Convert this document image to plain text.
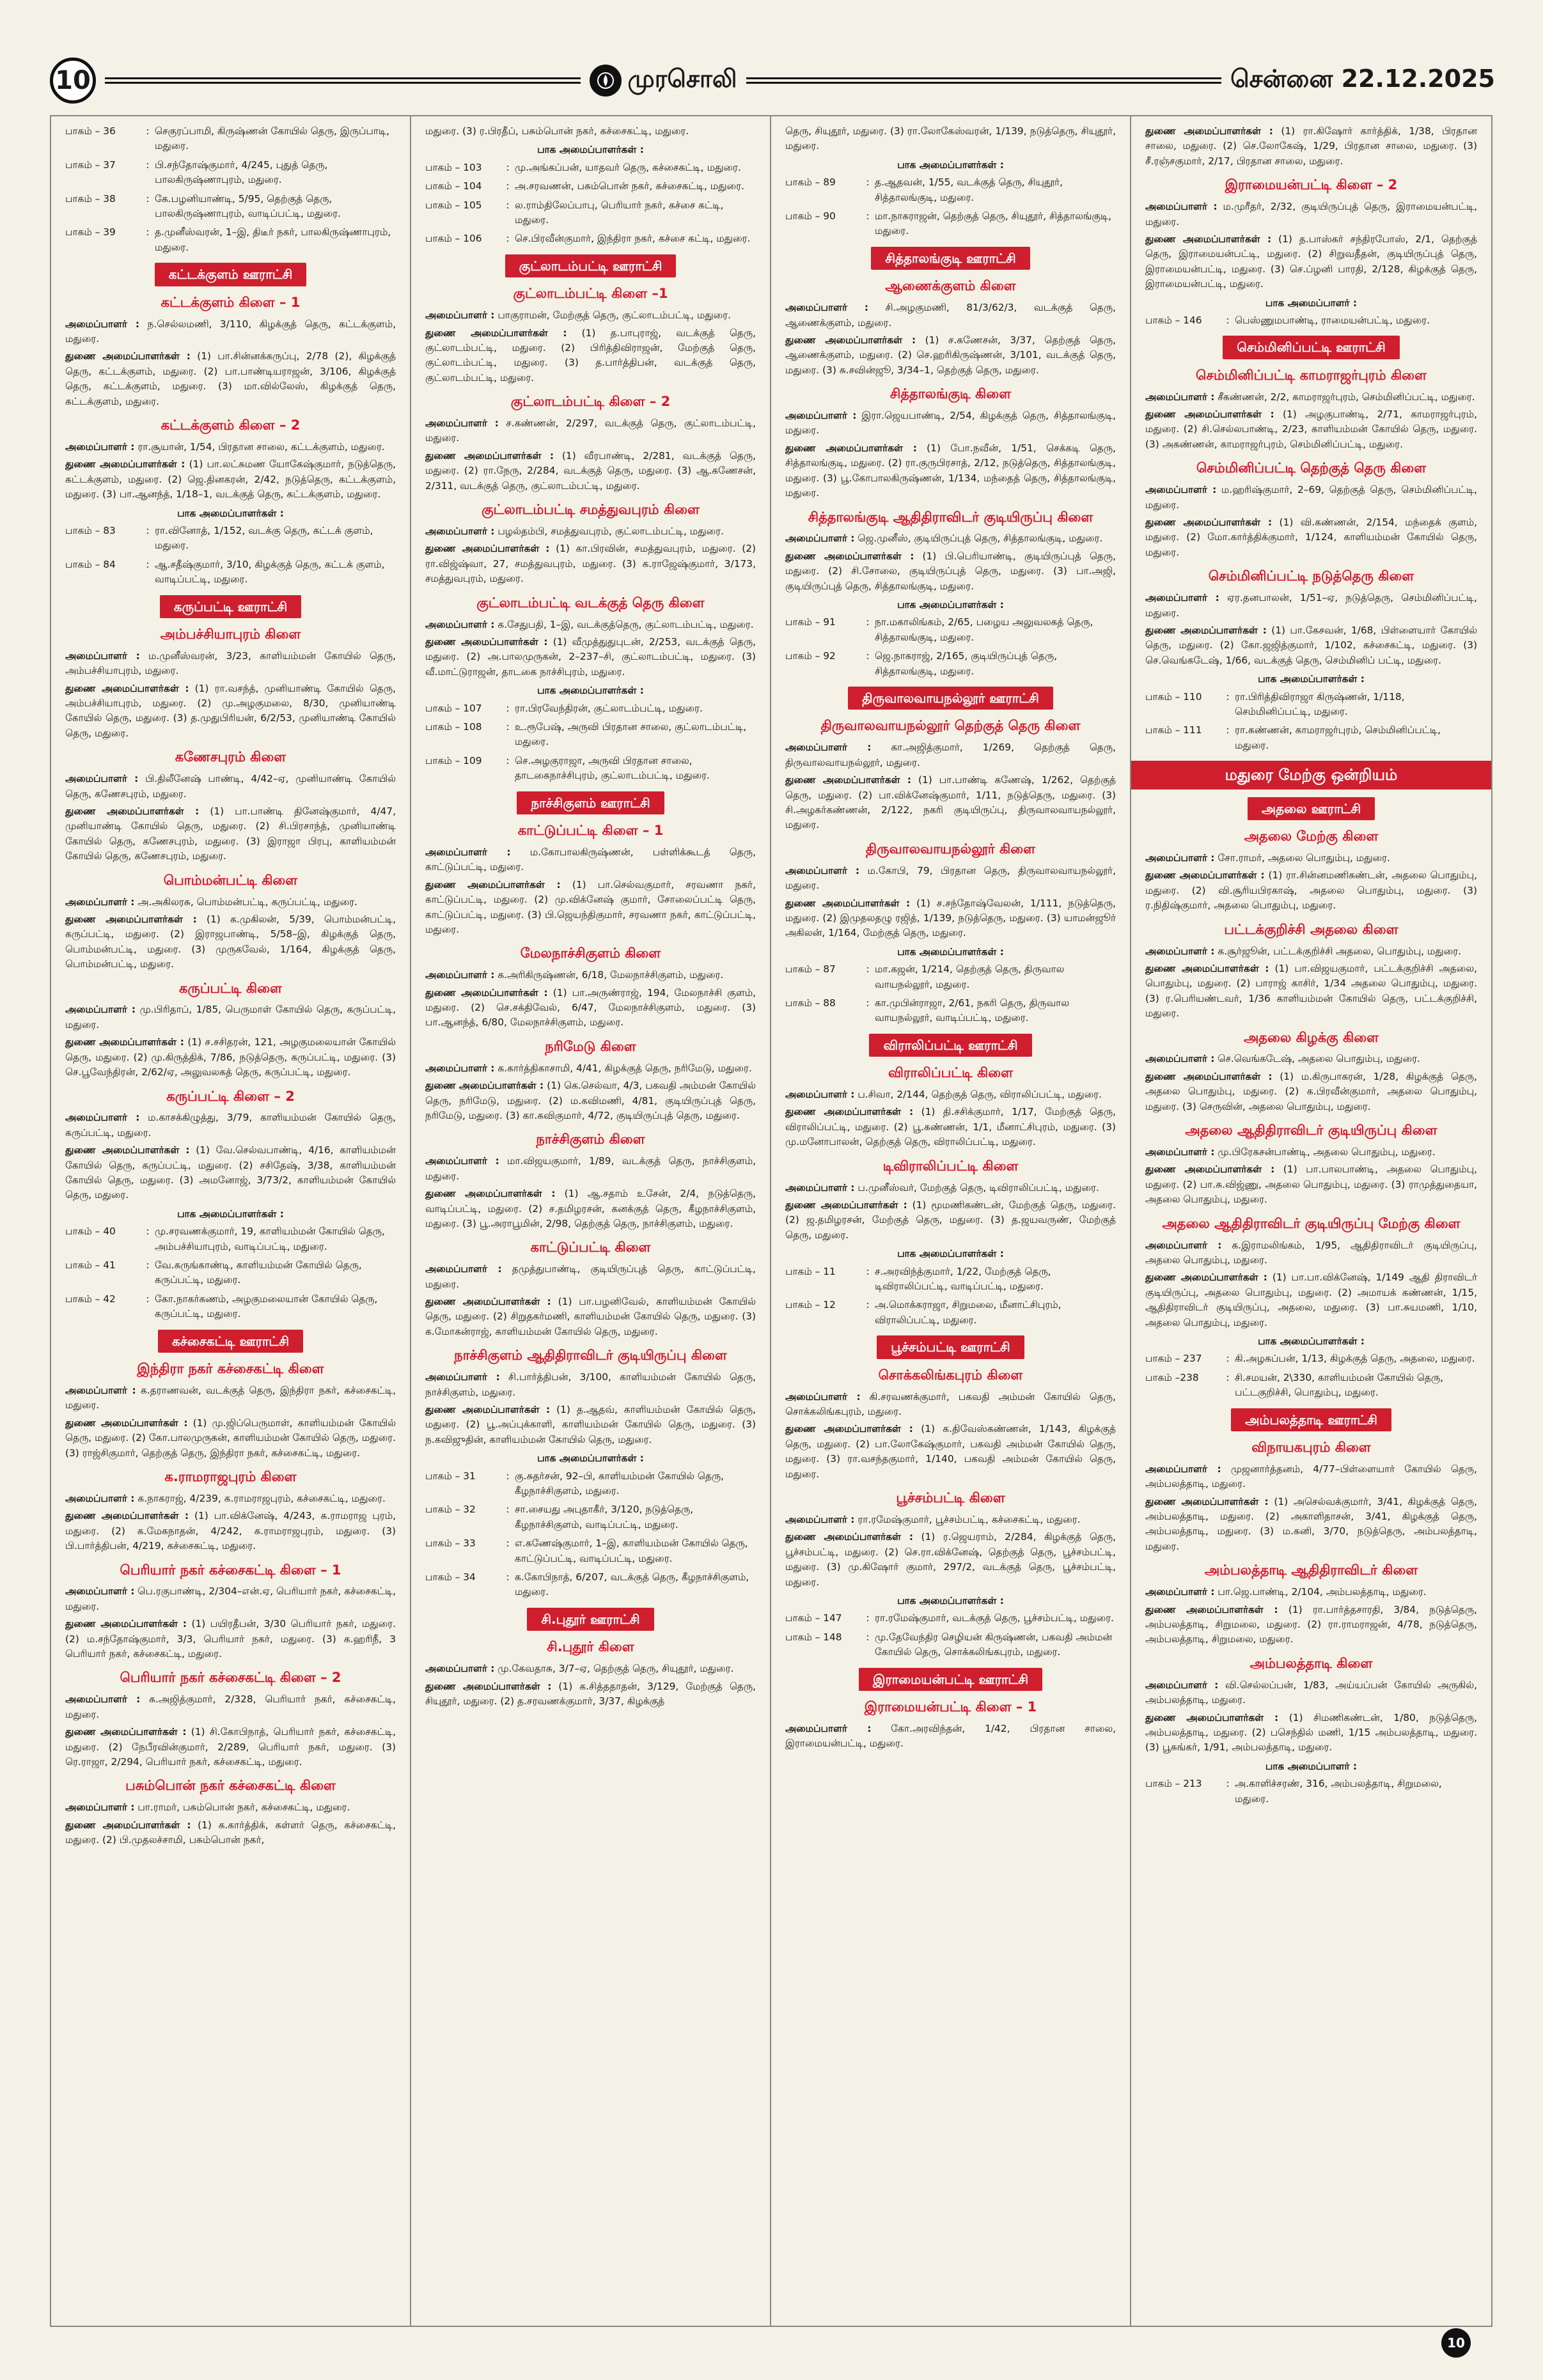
10	முரசொலி	சென்னை 22.12.2025
பாகம் – 36	: செகுரப்பாமி, கிருஷ்ணன் கோயில் தெரு, இருப்பாடி, மதுரை.
பாகம் – 37	: பி.சந்தோஷ்குமார், 4/245, புதுத் தெரு, பாலகிருஷ்ணாபுரம், மதுரை.
பாகம் – 38	: கே.பழனியாண்டி, 5/95, தெற்குத் தெரு, பாலகிருஷ்ணாபுரம், வாடிப்பட்டி, மதுரை.
பாகம் – 39	: த.முனீஸ்வரன், 1–இ, திடீர் நகர், பாலகிருஷ்ணாபுரம், மதுரை.
கட்டக்குளம் ஊராட்சி
கட்டக்குளம் கிளை – 1

அமைப்பாளர் : ந.செல்லமணி, 3/110, கிழக்குத் தெரு, கட்டக்குளம், மதுரை.

துணை அமைப்பாளர்கள் : (1) பா.சின்னக்கருப்பு, 2/78 (2), கிழக்குத் தெரு, கட்டக்குளம், மதுரை. (2) பா.பாண்டியராஜன், 3/106, கிழக்குத் தெரு, கட்டக்குளம், மதுரை. (3) மா.வில்லேஸ், கிழக்குத் தெரு, கட்டக்குளம், மதுரை.

கட்டக்குளம் கிளை – 2

அமைப்பாளர் : ரா.சூயான், 1/54, பிரதான சாலை, கட்டக்குளம், மதுரை.

துணை அமைப்பாளர்கள் : (1) பா.லட்சுமண யோகேஷ்குமார், நடுத்தெரு, கட்டக்குளம், மதுரை. (2) ஜெ.தினகரன், 2/42, நடுத்தெரு, கட்டக்குளம், மதுரை. (3) பா.ஆனந்த், 1/18–1, வடக்குத் தெரு, கட்டக்குளம், மதுரை.

பாக அமைப்பாளர்கள் :
பாகம் – 83	: ரா.வினோத், 1/152, வடக்கு தெரு, கட்டக் குளம், மதுரை.
பாகம் – 84	: ஆ.சதீஷ்குமார், 3/10, கிழக்குத் தெரு, கட்டக் குளம், வாடிப்பட்டி, மதுரை.
கருப்பட்டி ஊராட்சி
அம்பச்சியாபுரம் கிளை

அமைப்பாளர் : ம.முனீஸ்வரன், 3/23, காளியம்மன் கோயில் தெரு, அம்பச்சியாபுரம், மதுரை.

துணை அமைப்பாளர்கள் : (1) ரா.வசந்த், முனியாண்டி கோயில் தெரு, அம்பச்சியாபுரம், மதுரை. (2) மு.அழகுமலை, 8/30, முனியாண்டி கோயில் தெரு, மதுரை. (3) த.முதுபிரியன், 6/2/53, முனியாண்டி கோயில் தெரு, மதுரை.

கணேசபுரம் கிளை

அமைப்பாளர் : பி.திலீனேஷ் பாண்டி, 4/42–ஏ, முனியாண்டி கோயில் தெரு, கணேசபுரம், மதுரை.

துணை அமைப்பாளர்கள் : (1) பா.பாண்டி தினேஷ்குமார், 4/47, முனியாண்டி கோயில் தெரு, மதுரை. (2) சி.பிரசாந்த், முனியாண்டி கோயில் தெரு, கணேசபுரம், மதுரை. (3) இராஜா பிரபு, காளியம்மன் கோயில் தெரு, கணேசபுரம், மதுரை.

பொம்மன்பட்டி கிளை

அமைப்பாளர் : அ.அகிலரசு, பொம்மன்பட்டி, கருப்பட்டி, மதுரை.

துணை அமைப்பாளர்கள் : (1) க.முகிலன், 5/39, பொம்மன்பட்டி, கருப்பட்டி, மதுரை. (2) இராஜபாண்டி, 5/58–இ, கிழக்குத் தெரு, பொம்மன்பட்டி, மதுரை. (3) முருகவேல், 1/164, கிழக்குத் தெரு, பொம்மன்பட்டி, மதுரை.

கருப்பட்டி கிளை

அமைப்பாளர் : மு.பிரிதாப், 1/85, பெருமாள் கோயில் தெரு, கருப்பட்டி, மதுரை.

துணை அமைப்பாளர்கள் : (1) ச.சசிதரன், 121, அழகுமலையான் கோயில் தெரு, மதுரை. (2) மு.கிருத்திக், 7/86, நடுத்தெரு, கருப்பட்டி, மதுரை. (3) செ.பூவேந்திரன், 2/62/ஏ, அலுவலகத் தெரு, கருப்பட்டி, மதுரை.

கருப்பட்டி கிளை – 2

அமைப்பாளர் : ம.காசக்கிழுத்து, 3/79, காளியம்மன் கோயில் தெரு, கருப்பட்டி, மதுரை.

துணை அமைப்பாளர்கள் : (1) வே.செல்வபாண்டி, 4/16, காளியம்மன் கோயில் தெரு, கருப்பட்டி, மதுரை. (2) சசிதேஷ், 3/38, காளியம்மன் கோயில் தெரு, மதுரை. (3) அமனோஜ், 3/73/2, காளியம்மன் கோயில் தெரு, மதுரை.

பாக அமைப்பாளர்கள் :
பாகம் – 40	: மு.சரவணக்குமார், 19, காளியம்மன் கோயில் தெரு, அம்பச்சியாபுரம், வாடிப்பட்டி, மதுரை.
பாகம் – 41	: வே.கருங்காண்டி, காளியம்மன் கோயில் தெரு, கருப்பட்டி, மதுரை.
பாகம் – 42	: கோ.நாகர்கணம், அழகுமலையான் கோயில் தெரு, கருப்பட்டி, மதுரை.
கச்சைகட்டி ஊராட்சி
இந்திரா நகர் கச்சைகட்டி கிளை

அமைப்பாளர் : க.தராணவன், வடக்குத் தெரு, இந்திரா நகர், கச்சைகட்டி, மதுரை.

துணை அமைப்பாளர்கள் : (1) மு.ஜிப்பெருமாள், காளியம்மன் கோயில் தெரு, மதுரை. (2) கோ.பாலமுருகன், காளியம்மன் கோயில் தெரு, மதுரை. (3) ராஜ்சிகுமார், தெற்குத் தெரு, இந்திரா நகர், கச்சைகட்டி, மதுரை.

க.ராமராஜபுரம் கிளை

அமைப்பாளர் : க.நாகராஜ், 4/239, க.ராமராஜபுரம், கச்சைகட்டி, மதுரை.

துணை அமைப்பாளர்கள் : (1) பா.விக்னேஷ், 4/243, க.ராமராஜ புரம், மதுரை. (2) க.மேகநாதன், 4/242, க.ராமராஜபுரம், மதுரை. (3) பி.பார்த்திபன், 4/219, கச்சைகட்டி, மதுரை.

பெரியார் நகர் கச்சைகட்டி கிளை – 1

அமைப்பாளர் : பெ.ரகுபாண்டி, 2/304–என்.ஏ, பெரியார் நகர், கச்சைகட்டி, மதுரை.

துணை அமைப்பாளர்கள் : (1) பயிரதீபன், 3/30 பெரியார் நகர், மதுரை. (2) ம.சந்தோஷ்குமார், 3/3, பெரியார் நகர், மதுரை. (3) க.ஹரிநீ, 3 பெரியார் நகர், கச்சைகட்டி, மதுரை.

பெரியார் நகர் கச்சைகட்டி கிளை – 2

அமைப்பாளர் : க.அஜித்குமார், 2/328, பெரியார் நகர், கச்சைகட்டி, மதுரை.

துணை அமைப்பாளர்கள் : (1) சி.கோபிநாத், பெரியார் நகர், கச்சைகட்டி, மதுரை. (2) நேபீரவின்குமார், 2/289, பெரியார் நகர், மதுரை. (3) ரெ.ராஜா, 2/294, பெரியார் நகர், கச்சைகட்டி, மதுரை.

பசும்பொன் நகர் கச்சைகட்டி கிளை

அமைப்பாளர் : பா.ராமர், பசும்பொன் நகர், கச்சைகட்டி, மதுரை.

துணை அமைப்பாளர்கள் : (1) க.கார்த்திக், கள்ளர் தெரு, கச்சைகட்டி, மதுரை. (2) பி.முதலச்சாமி, பசும்பொன் நகர்,

மதுரை. (3) ர.பிரதீப், பசும்பொன் நகர், கச்சைகட்டி, மதுரை.

பாக அமைப்பாளர்கள் :
பாகம் – 103	: மு.அங்கப்பன், யாதவர் தெரு, கச்சைகட்டி, மதுரை.
பாகம் – 104	: அ.சரவணன், பசும்பொன் நகர், கச்சைகட்டி, மதுரை.
பாகம் – 105	: ல.ராம்திலேப்பாபு, பெரியார் நகர், கச்சை கட்டி, மதுரை.
பாகம் – 106	: செ.பிரவீன்குமார், இந்திரா நகர், கச்சை கட்டி, மதுரை.
குட்லாடம்பட்டி ஊராட்சி
குட்லாடம்பட்டி கிளை –1

அமைப்பாளர் : பாகுராமன், மேற்குத் தெரு, குட்லாடம்பட்டி, மதுரை.

துணை அமைப்பாளர்கள் : (1) த.பாபுராஜ், வடக்குத் தெரு, குட்லாடம்பட்டி, மதுரை. (2) பிரித்திவிராஜன், மேற்குத் தெரு, குட்லாடம்பட்டி, மதுரை. (3) த.பார்த்திபன், வடக்குத் தெரு, குட்லாடம்பட்டி, மதுரை.

குட்லாடம்பட்டி கிளை – 2

அமைப்பாளர் : ச.கண்ணன், 2/297, வடக்குத் தெரு, குட்லாடம்பட்டி, மதுரை.

துணை அமைப்பாளர்கள் : (1) வீரபாண்டி, 2/281, வடக்குத் தெரு, மதுரை. (2) ரா.நேரு, 2/284, வடக்குத் தெரு, மதுரை. (3) ஆ.கணேசன், 2/311, வடக்குத் தெரு, குட்லாடம்பட்டி, மதுரை.

குட்லாடம்பட்டி சமத்துவபுரம் கிளை

அமைப்பாளர் : பழல்தம்பி, சமத்துவபுரம், குட்லாடம்பட்டி, மதுரை.

துணை அமைப்பாளர்கள் : (1) கா.பிரவின், சமத்துவபுரம், மதுரை. (2) ரா.விஜ்ஷ்வா, 27, சமத்துவபுரம், மதுரை. (3) க.ராஜேஷ்குமார், 3/173, சமத்துவபுரம், மதுரை.

குட்லாடம்பட்டி வடக்குத் தெரு கிளை

அமைப்பாளர் : க.சேதுபதி, 1–இ, வடக்குத்தெரு, குட்லாடம்பட்டி, மதுரை.

துணை அமைப்பாளர்கள் : (1) வீமுத்துதுபுடன், 2/253, வடக்குத் தெரு, மதுரை. (2) அ.பாலமுருகன், 2–237–சி, குட்லாடம்பட்டி, மதுரை. (3) வீ.மாட்டுராஜன், தாடகை நாச்சிபுரம், மதுரை.

பாக அமைப்பாளர்கள் :
பாகம் – 107	: ரா.பிரவேந்திரன், குட்லாடம்பட்டி, மதுரை.
பாகம் – 108	: உ.ரூபேஷ், அருவி பிரதான சாலை, குட்லாடம்பட்டி, மதுரை.
பாகம் – 109	: செ.அழகுராஜா, அருவி பிரதான சாலை, தாடகைநாச்சிபுரம், குட்லாடம்பட்டி, மதுரை.
நாச்சிகுளம் ஊராட்சி
காட்டுப்பட்டி கிளை – 1

அமைப்பாளர் : ம.கோபாலகிருஷ்ணன், பள்ளிக்கூடத் தெரு, காட்டுப்பட்டி, மதுரை.

துணை அமைப்பாளர்கள் : (1) பா.செல்வகுமார், சரவணா நகர், காட்டுப்பட்டி, மதுரை. (2) மு.விக்னேஷ் குமார், சோலைப்பட்டி தெரு, காட்டுப்பட்டி, மதுரை. (3) பி.ஜெயந்திகுமார், சரவணா நகர், காட்டுப்பட்டி, மதுரை.

மேலநாச்சிகுளம் கிளை

அமைப்பாளர் : க.அரிகிருஷ்ணன், 6/18, மேலநாச்சிகுளம், மதுரை.

துணை அமைப்பாளர்கள் : (1) பா.அருண்ராஜ், 194, மேலநாச்சி குளம், மதுரை. (2) செ.சக்திவேல், 6/47, மேலநாச்சிகுளம், மதுரை. (3) பா.ஆனந்த், 6/80, மேலநாச்சிகுளம், மதுரை.

நரிமேடு கிளை

அமைப்பாளர் : க.கார்த்திகாசாமி, 4/41, கிழக்குத் தெரு, நரிமேடு, மதுரை.

துணை அமைப்பாளர்கள் : (1) கெ.செல்வா, 4/3, பகவதி அம்மன் கோயில் தெரு, நரிமேடு, மதுரை. (2) ம.கவிமணி, 4/81, குடியிருப்புத் தெரு, நரிமேடு, மதுரை. (3) கா.கவிகுமார், 4/72, குடியிருப்புத் தெரு, மதுரை.

நாச்சிகுளம் கிளை

அமைப்பாளர் : மா.விஜயகுமார், 1/89, வடக்குத் தெரு, நாச்சிகுளம், மதுரை.

துணை அமைப்பாளர்கள் : (1) ஆ.சதாம் உசேன், 2/4, நடுத்தெரு, வாடிப்பட்டி, மதுரை. (2) ச.தமிழரசன், கனக்குத் தெரு, கீழநாச்சிகுளம், மதுரை. (3) பூ.அராபூமின், 2/98, தெற்குத் தெரு, நாச்சிகுளம், மதுரை.

காட்டுப்பட்டி கிளை

அமைப்பாளர் : தமுத்துபாண்டி, குடியிருப்புத் தெரு, காட்டுப்பட்டி, மதுரை.

துணை அமைப்பாளர்கள் : (1) பா.பழனிவேல், காளியம்மன் கோயில் தெரு, மதுரை. (2) சிறுதகர்மணி, காளியம்மன் கோயில் தெரு, மதுரை. (3) க.மோகன்ராஜ், காளியம்மன் கோயில் தெரு, மதுரை.

நாச்சிகுளம் ஆதிதிராவிடர் குடியிருப்பு கிளை

அமைப்பாளர் : சி.பார்த்திபன், 3/100, காளியம்மன் கோயில் தெரு, நாச்சிகுளம், மதுரை.

துணை அமைப்பாளர்கள் : (1) த.ஆதவ், காளியம்மன் கோயில் தெரு, மதுரை. (2) பூ.அப்புக்காளி, காளியம்மன் கோயில் தெரு, மதுரை. (3) ந.கவிஜுதின், காளியம்மன் கோயில் தெரு, மதுரை.

பாக அமைப்பாளர்கள் :
பாகம் – 31	: கு.சுதர்சன், 92–பி, காளியம்மன் கோயில் தெரு, கீழநாச்சிகுளம், மதுரை.
பாகம் – 32	: சா.சையது அபுதாகீர், 3/120, நடுத்தெரு, கீழநாச்சிகுளம், வாடிப்பட்டி, மதுரை.
பாகம் – 33	: எ.கணேஷ்குமார், 1–இ, காளியம்மன் கோயில் தெரு, காட்டுப்பட்டி, வாடிப்பட்டி, மதுரை.
பாகம் – 34	: க.கோபிநாத், 6/207, வடக்குத் தெரு, கீழநாச்சிகுளம், மதுரை.
சி.புதூர் ஊராட்சி
சி.புதூர் கிளை

அமைப்பாளர் : மு.கேவதாசு, 3/7–ஏ, தெற்குத் தெரு, சியுதூர், மதுரை.

துணை அமைப்பாளர்கள் : (1) க.சித்ததாதன், 3/129, மேற்குத் தெரு, சியுதூர், மதுரை. (2) த.சரவணக்குமார், 3/37, கிழக்குத்

தெரு, சியுதூர், மதுரை. (3) ரா.லோகேஸ்வரன், 1/139, நடுத்தெரு, சியுதூர், மதுரை.

பாக அமைப்பாளர்கள் :
பாகம் – 89	: த.ஆதவன், 1/55, வடக்குத் தெரு, சியுதூர், சித்தாலங்குடி, மதுரை.
பாகம் – 90	: மா.நாகராஜன், தெற்குத் தெரு, சியுதூர், சித்தாலங்குடி, மதுரை.
சித்தாலங்குடி ஊராட்சி
ஆணைக்குளம் கிளை

அமைப்பாளர் : சி.அழகுமணி, 81/3/62/3, வடக்குத் தெரு, ஆணைக்குளம், மதுரை.

துணை அமைப்பாளர்கள் : (1) ச.கணேசன், 3/37, தெற்குத் தெரு, ஆணைக்குளம், மதுரை. (2) செ.ஹரிகிருஷ்ணன், 3/101, வடக்குத் தெரு, மதுரை. (3) சு.சவின்ஜூ, 3/34–1, தெற்குத் தெரு, மதுரை.

சித்தாலங்குடி கிளை

அமைப்பாளர் : இரா.ஜெயபாண்டி, 2/54, கிழக்குத் தெரு, சித்தாலங்குடி, மதுரை.

துணை அமைப்பாளர்கள் : (1) போ.நவீன், 1/51, செக்கடி தெரு, சித்தாலங்குடி, மதுரை. (2) ரா.குருபிரசாத், 2/12, நடுத்தெரு, சித்தாலங்குடி, மதுரை. (3) பூ.கோபாலகிருஷ்ணன், 1/134, மந்தைத் தெரு, சித்தாலங்குடி, மதுரை.

சித்தாலங்குடி ஆதிதிராவிடர் குடியிருப்பு கிளை

அமைப்பாளர் : ஜெ.முனீஸ், குடியிருப்புத் தெரு, சித்தாலங்குடி, மதுரை.

துணை அமைப்பாளர்கள் : (1) பி.பெரியாண்டி, குடியிருப்புத் தெரு, மதுரை. (2) சி.சோலை, குடியிருப்புத் தெரு, மதுரை. (3) பா.அஜி, குடியிருப்புத் தெரு, சித்தாலங்குடி, மதுரை.

பாக அமைப்பாளர்கள் :
பாகம் – 91	: நா.மகாலிங்கம், 2/65, பழைய அலுவலகத் தெரு, சித்தாலங்குடி, மதுரை.
பாகம் – 92	: ஜெ.நாகராஜ், 2/165, குடியிருப்புத் தெரு, சித்தாலங்குடி, மதுரை.
திருவாலவாயநல்லூர் ஊராட்சி
திருவாலவாயநல்லூர் தெற்குத் தெரு கிளை

அமைப்பாளர் : கா.அஜித்குமார், 1/269, தெற்குத் தெரு, திருவாலவாயநல்லூர், மதுரை.

துணை அமைப்பாளர்கள் : (1) பா.பாண்டி கணேஷ், 1/262, தெற்குத் தெரு, மதுரை. (2) பா.விக்னேஷ்குமார், 1/11, நடுத்தெரு, மதுரை. (3) சி.அழகர்கண்ணன், 2/122, நகரி குடியிருப்பு, திருவாலவாயநல்லூர், மதுரை.

திருவாலவாயநல்லூர் கிளை

அமைப்பாளர் : ம.கோபி, 79, பிரதான தெரு, திருவாலவாயநல்லூர், மதுரை.

துணை அமைப்பாளர்கள் : (1) ச.சந்தோஷ்வேலன், 1/111, நடுத்தெரு, மதுரை. (2) இமுதலதழு ரஜித், 1/139, நடுத்தெரு, மதுரை. (3) யாமன்ஜூர் அகிலன், 1/164, மேற்குத் தெரு, மதுரை.

பாக அமைப்பாளர்கள் :
பாகம் – 87	: மா.கஜன், 1/214, தெற்குத் தெரு, திருவால வாயநல்லூர், மதுரை.
பாகம் – 88	: கா.முபின்ராஜா, 2/61, நகரி தெரு, திருவால வாயநல்லூர், வாடிப்பட்டி, மதுரை.
விராலிப்பட்டி ஊராட்சி
விராலிப்பட்டி கிளை

அமைப்பாளர் : ப.சிவா, 2/144, தெற்குத் தெரு, விராலிப்பட்டி, மதுரை.

துணை அமைப்பாளர்கள் : (1) தி.சசிக்குமார், 1/17, மேற்குத் தெரு, விராலிப்பட்டி, மதுரை. (2) பூ.கண்ணன், 1/1, மீனாட்சிபுரம், மதுரை. (3) மு.மனோபாலன், தெற்குத் தெரு, விராலிப்பட்டி, மதுரை.

டிவிராலிப்பட்டி கிளை

அமைப்பாளர் : ப.முனீஸ்வர், மேற்குத் தெரு, டிவிராலிப்பட்டி, மதுரை.

துணை அமைப்பாளர்கள் : (1) மூமணிகண்டன், மேற்குத் தெரு, மதுரை. (2) ஜ.தமிழரசன், மேற்குத் தெரு, மதுரை. (3) த.ஜயவருண், மேற்குத் தெரு, மதுரை.

பாக அமைப்பாளர்கள் :
பாகம் – 11	: ச.அரவிந்த்குமார், 1/22, மேற்குத் தெரு, டிவிராலிப்பட்டி, வாடிப்பட்டி, மதுரை.
பாகம் – 12	: அ.மொக்கராஜா, சிறுமலை, மீனாட்சிபுரம், விராலிப்பட்டி, மதுரை.
பூச்சம்பட்டி ஊராட்சி
சொக்கலிங்கபுரம் கிளை

அமைப்பாளர் : கி.சரவணக்குமார், பகவதி அம்மன் கோயில் தெரு, சொக்கலிங்கபுரம், மதுரை.

துணை அமைப்பாளர்கள் : (1) க.திவேஸ்கண்ணன், 1/143, கிழக்குத் தெரு, மதுரை. (2) பா.லோகேஷ்குமார், பகவதி அம்மன் கோயில் தெரு, மதுரை. (3) ரா.வசந்தகுமார், 1/140, பகவதி அம்மன் கோயில் தெரு, மதுரை.

பூச்சம்பட்டி கிளை

அமைப்பாளர் : ரா.ரமேஷ்குமார், பூச்சம்பட்டி, கச்சைகட்டி, மதுரை.

துணை அமைப்பாளர்கள் : (1) ர.ஜெயராம், 2/284, கிழக்குத் தெரு, பூச்சம்பட்டி, மதுரை. (2) செ.ரா.விக்னேஷ், தெற்குத் தெரு, பூச்சம்பட்டி, மதுரை. (3) மு.கிஷோர் குமார், 297/2, வடக்குத் தெரு, பூச்சம்பட்டி, மதுரை.

பாக அமைப்பாளர்கள் :
பாகம் – 147	: ரா.ரமேஷ்குமார், வடக்குத் தெரு, பூச்சம்பட்டி, மதுரை.
பாகம் – 148	: மு.தேவேந்திர செழியன் கிருஷ்ணன், பகவதி அம்மன் கோயில் தெரு, சொக்கலிங்கபுரம், மதுரை.
இராமையன்பட்டி ஊராட்சி
இராமையன்பட்டி கிளை – 1

அமைப்பாளர் : கோ.அரவிந்தன், 1/42, பிரதான சாலை, இராமையன்பட்டி, மதுரை.

துணை அமைப்பாளர்கள் : (1) ரா.கிஷோர் கார்த்திக், 1/38, பிரதான சாலை, மதுரை. (2) செ.லோகேஷ், 1/29, பிரதான சாலை, மதுரை. (3) சீ.ரஞ்சகுமார், 2/17, பிரதான சாலை, மதுரை.

இராமையன்பட்டி கிளை – 2

அமைப்பாளர் : ம.முரீதர், 2/32, குடியிருப்புத் தெரு, இராமையன்பட்டி, மதுரை.

துணை அமைப்பாளர்கள் : (1) த.பாஸ்கர் சந்திரபோஸ், 2/1, தெற்குத் தெரு, இராமையன்பட்டி, மதுரை. (2) சிறுவதீதன், குடியிருப்புத் தெரு, இராமையன்பட்டி, மதுரை. (3) செ.ப்ழனி பாரதி, 2/128, கிழக்குத் தெரு, இராமையன்பட்டி, மதுரை.

பாக அமைப்பாளர் :
பாகம் – 146	: பெஸ்ணுமபாண்டி, ராமையன்பட்டி, மதுரை.
செம்மினிப்பட்டி ஊராட்சி
செம்மினிப்பட்டி காமராஜர்புரம் கிளை

அமைப்பாளர் : சீகண்ணன், 2/2, காமராஜர்புரம், செம்மினிப்பட்டி, மதுரை.

துணை அமைப்பாளர்கள் : (1) அழகுபாண்டி, 2/71, காமராஜர்புரம், மதுரை. (2) சி.செல்லபாண்டி, 2/23, காளியம்மன் கோயில் தெரு, மதுரை. (3) அகண்ணன், காமராஜர்புரம், செம்மினிப்பட்டி, மதுரை.

செம்மினிப்பட்டி தெற்குத் தெரு கிளை

அமைப்பாளர் : ம.ஹரிஷ்குமார், 2–69, தெற்குத் தெரு, செம்மினிப்பட்டி, மதுரை.

துணை அமைப்பாளர்கள் : (1) வி.கண்ணன், 2/154, மந்தைக் குளம், மதுரை. (2) மோ.கார்த்திக்குமார், 1/124, காளியம்மன் கோயில் தெரு, மதுரை.

செம்மினிப்பட்டி நடுத்தெரு கிளை

அமைப்பாளர் : ஏர.தனபாலன், 1/51–ஏ, நடுத்தெரு, செம்மினிப்பட்டி, மதுரை.

துணை அமைப்பாளர்கள் : (1) பா.கேசவன், 1/68, பிள்ளையார் கோயில் தெரு, மதுரை. (2) கோ.ஜஜித்குமார், 1/102, கச்சைகட்டி, மதுரை. (3) செ.வெங்கடேஷ், 1/66, வடக்குத் தெரு, செம்மினிப் பட்டி, மதுரை.

பாக அமைப்பாளர்கள் :
பாகம் – 110	: ரா.பிரித்திவிராஜா கிருஷ்ணன், 1/118, செம்மினிப்பட்டி, மதுரை.
பாகம் – 111	: ரா.கண்ணன், காமராஜர்புரம், செம்மினிப்பட்டி, மதுரை.
மதுரை மேற்கு ஒன்றியம்
அதலை ஊராட்சி
அதலை மேற்கு கிளை

அமைப்பாளர் : சோ.ராமர், அதலை பொதும்பு, மதுரை.

துணை அமைப்பாளர்கள் : (1) ரா.சின்னமணிகண்டன், அதலை பொதும்பு, மதுரை. (2) வி.சூரியபிரகாஷ், அதலை பொதும்பு, மதுரை. (3) ர.நிதிஷ்குமார், அதலை பொதும்பு, மதுரை.

பட்டக்குறிச்சி அதலை கிளை

அமைப்பாளர் : க.சூர்ஜூன், பட்டக்குறிச்சி அதலை, பொதும்பு, மதுரை.

துணை அமைப்பாளர்கள் : (1) பா.விஜயகுமார், பட்டக்குறிச்சி அதலை, பொதும்பு, மதுரை. (2) பாராஜ் காசிர், 1/34 அதலை பொதும்பு, மதுரை. (3) ர.பெரியண்டவர், 1/36 காளியம்மன் கோயில் தெரு, பட்டக்குறிச்சி, மதுரை.

அதலை கிழக்கு கிளை

அமைப்பாளர் : செ.வெங்கடேஷ், அதலை பொதும்பு, மதுரை.

துணை அமைப்பாளர்கள் : (1) ம.கிருபாகரன், 1/28, கிழக்குத் தெரு, அதலை பொதும்பு, மதுரை. (2) க.பிரவீன்குமார், அதலை பொதும்பு, மதுரை. (3) செருவின், அதலை பொதும்பு, மதுரை.

அதலை ஆதிதிராவிடர் குடியிருப்பு கிளை

அமைப்பாளர் : மு.பிரேகசன்பாண்டி, அதலை பொதும்பு, மதுரை.

துணை அமைப்பாளர்கள் : (1) பா.பாலபாண்டி, அதலை பொதும்பு, மதுரை. (2) பா.சு.விஜ்ணு, அதலை பொதும்பு, மதுரை. (3) ராமுத்துதையா, அதலை பொதும்பு, மதுரை.

அதலை ஆதிதிராவிடர் குடியிருப்பு மேற்கு கிளை

அமைப்பாளர் : க.இராமலிங்கம், 1/95, ஆதிதிராவிடர் குடியிருப்பு, அதலை பொதும்பு, மதுரை.

துணை அமைப்பாளர்கள் : (1) பா.பா.விக்னேஷ், 1/149 ஆதி திராவிடர் குடியிருப்பு, அதலை பொதும்பு, மதுரை. (2) அமாயக் கண்ணன், 1/15, ஆதிதிராவிடர் குடியிருப்பு, அதலை, மதுரை. (3) பா.சுயமணி, 1/10, அதலை பொதும்பு, மதுரை.

பாக அமைப்பாளர்கள் :
பாகம் – 237	: கி.அழகப்பன், 1/13, கிழக்குத் தெரு, அதலை, மதுரை.
பாகம் –238	: சி.சமயன், 2\330, காளியம்மன் கோயில் தெரு, பட்டகுறிச்சி, பொதும்பு, மதுரை.
அம்பலத்தாடி ஊராட்சி
விநாயகபுரம் கிளை

அமைப்பாளர் : முஜனார்த்தனம், 4/77–பிள்ளையார் கோயில் தெரு, அம்பலத்தாடி, மதுரை.

துணை அமைப்பாளர்கள் : (1) அசெல்வக்குமார், 3/41, கிழக்குத் தெரு, அம்பலத்தாடி, மதுரை. (2) அகாளிதாசன், 3/41, கிழக்குத் தெரு, அம்பலத்தாடி, மதுரை. (3) ம.கனி, 3/70, நடுத்தெரு, அம்பலத்தாடி, மதுரை.

அம்பலத்தாடி ஆதிதிராவிடர் கிளை

அமைப்பாளர் : பா.ஜெ.பாண்டி, 2/104, அம்பலத்தாடி, மதுரை.

துணை அமைப்பாளர்கள் : (1) ரா.பார்த்தசாரதி, 3/84, நடுத்தெரு, அம்பலத்தாடி, சிறுமலை, மதுரை. (2) ரா.ராமராஜன், 4/78, நடுத்தெரு, அம்பலத்தாடி, சிறுமலை, மதுரை.

அம்பலத்தாடி கிளை

அமைப்பாளர் : வி.செல்லப்பன், 1/83, அய்யப்பன் கோயில் அருகில், அம்பலத்தாடி, மதுரை.

துணை அமைப்பாளர்கள் : (1) சிமணிகண்டன், 1/80, நடுத்தெரு, அம்பலத்தாடி, மதுரை. (2) பசெந்தில் மணி, 1/15 அம்பலத்தாடி, மதுரை. (3) பூசுங்கர், 1/91, அம்பலத்தாடி, மதுரை.

பாக அமைப்பாளர் :
பாகம் – 213	: அ.காளிச்சரண், 316, அம்பலத்தாடி, சிறுமலை, மதுரை.
10
